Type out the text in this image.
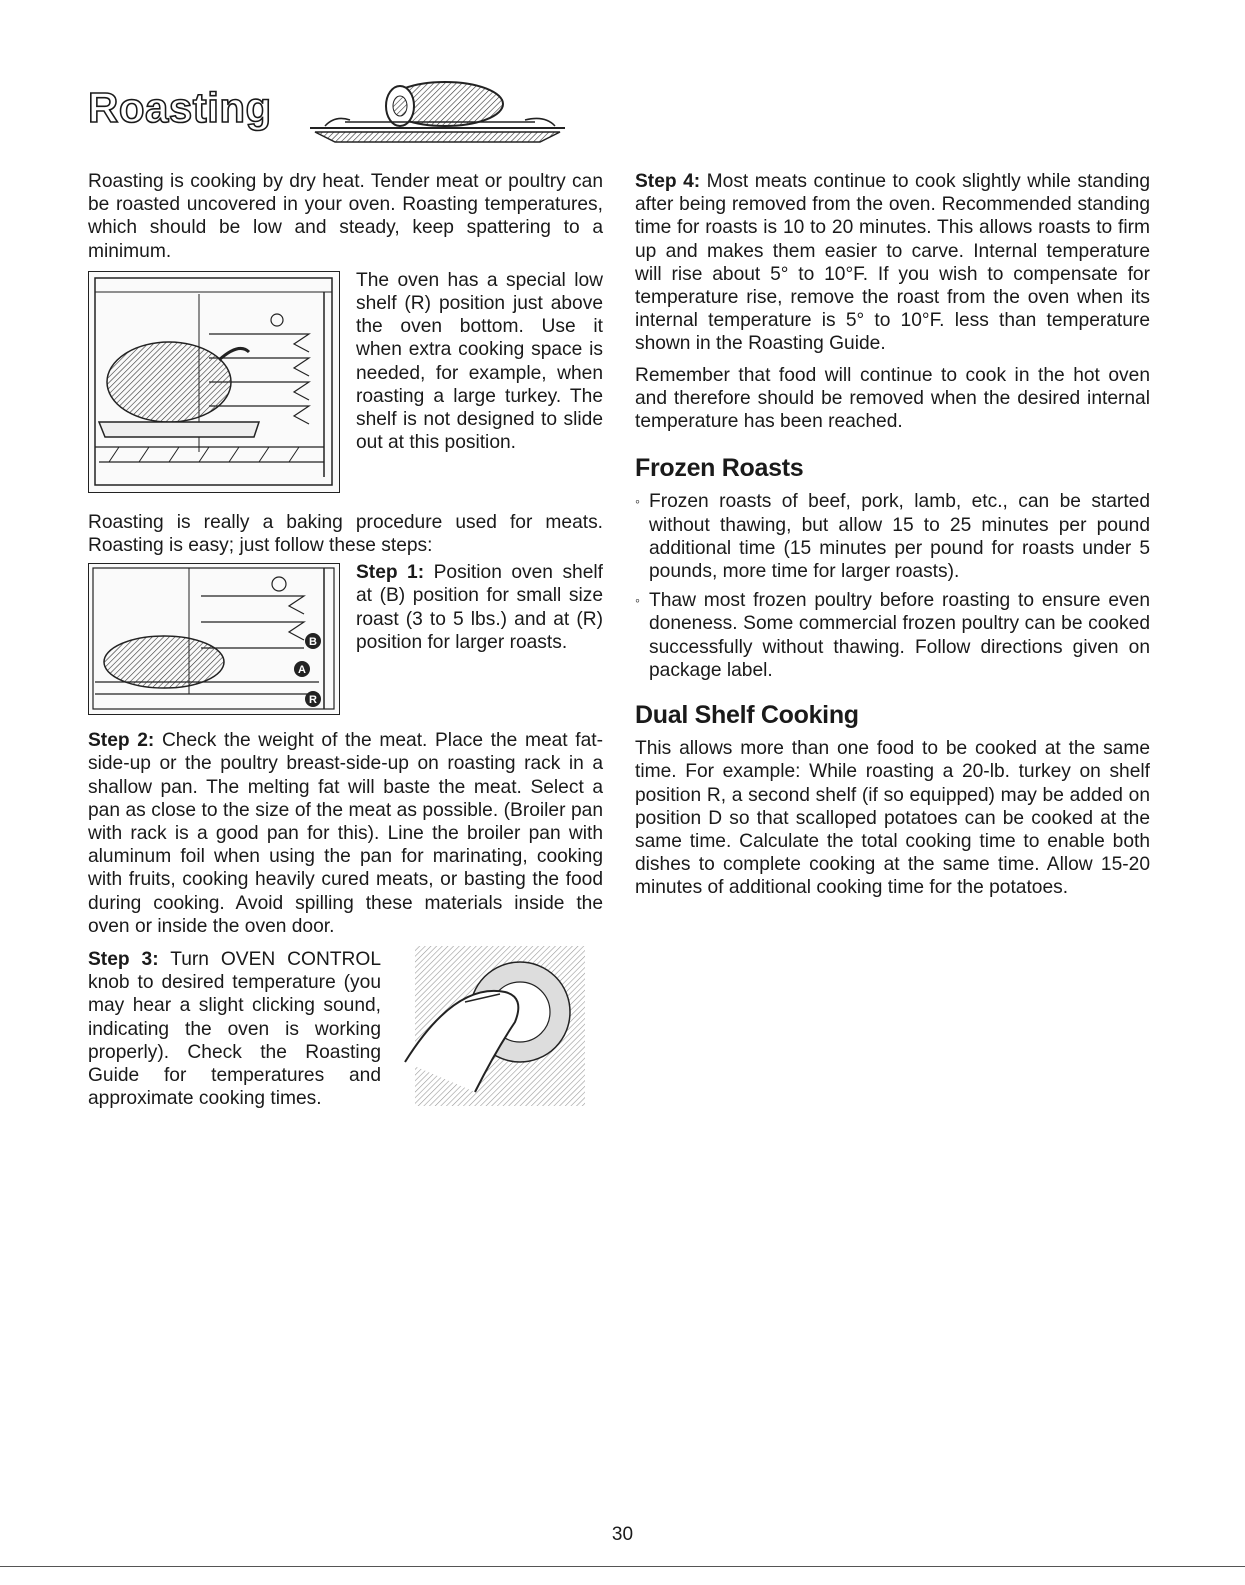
Roasting

Roasting is cooking by dry heat. Tender meat or poultry can be roasted uncovered in your oven. Roasting temperatures, which should be low and steady, keep spattering to a minimum.

The oven has a special low shelf (R) position just above the oven bottom. Use it when extra cooking space is needed, for example, when roasting a large turkey. The shelf is not designed to slide out at this position.

Roasting is really a baking procedure used for meats. Roasting is easy; just follow these steps:

B
A
R

Step 1: Position oven shelf at (B) position for small size roast (3 to 5 lbs.) and at (R) position for larger roasts.

Step 2: Check the weight of the meat. Place the meat fat-side-up or the poultry breast-side-up on roasting rack in a shallow pan. The melting fat will baste the meat. Select a pan as close to the size of the meat as possible. (Broiler pan with rack is a good pan for this). Line the broiler pan with aluminum foil when using the pan for marinating, cooking with fruits, cooking heavily cured meats, or basting the food during cooking. Avoid spilling these materials inside the oven or inside the oven door.

Step 3: Turn OVEN CONTROL knob to desired temperature (you may hear a slight clicking sound, indicating the oven is working properly). Check the Roasting Guide for temperatures and approximate cooking times.

Step 4: Most meats continue to cook slightly while standing after being removed from the oven. Recommended standing time for roasts is 10 to 20 minutes. This allows roasts to firm up and makes them easier to carve. Internal temperature will rise about 5° to 10°F. If you wish to compensate for temperature rise, remove the roast from the oven when its internal temperature is 5° to 10°F. less than temperature shown in the Roasting Guide.

Remember that food will continue to cook in the hot oven and therefore should be removed when the desired internal temperature has been reached.

Frozen Roasts
◦ Frozen roasts of beef, pork, lamb, etc., can be started without thawing, but allow 15 to 25 minutes per pound additional time (15 minutes per pound for roasts under 5 pounds, more time for larger roasts).
◦ Thaw most frozen poultry before roasting to ensure even doneness. Some commercial frozen poultry can be cooked successfully without thawing. Follow directions given on package label.
Dual Shelf Cooking

This allows more than one food to be cooked at the same time. For example: While roasting a 20-lb. turkey on shelf position R, a second shelf (if so equipped) may be added on position D so that scalloped potatoes can be cooked at the same time. Calculate the total cooking time to enable both dishes to complete cooking at the same time. Allow 15-20 minutes of additional cooking time for the potatoes.

30
